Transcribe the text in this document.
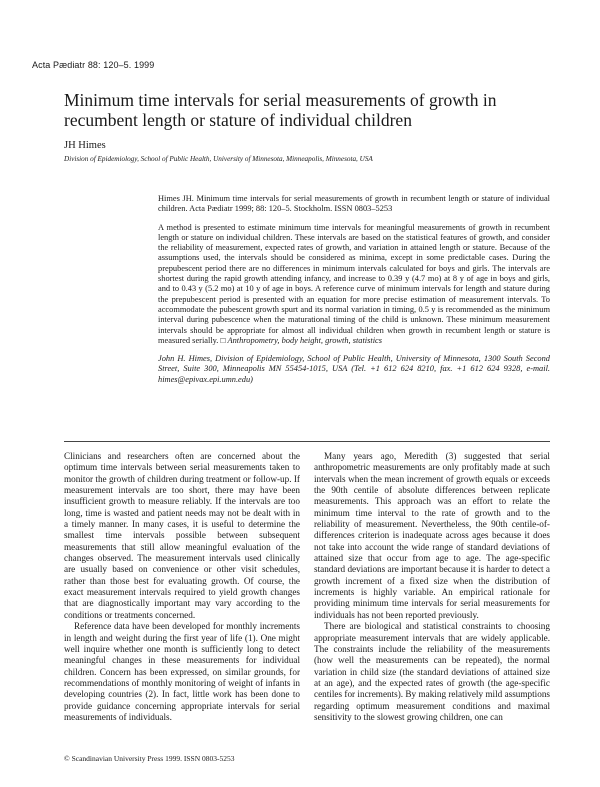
Acta Pædiatr 88: 120–5. 1999
Minimum time intervals for serial measurements of growth in recumbent length or stature of individual children
JH Himes
Division of Epidemiology, School of Public Health, University of Minnesota, Minneapolis, Minnesota, USA

Himes JH. Minimum time intervals for serial measurements of growth in recumbent length or stature of individual children. Acta Pædiatr 1999; 88: 120–5. Stockholm. ISSN 0803–5253

A method is presented to estimate minimum time intervals for meaningful measurements of growth in recumbent length or stature on individual children. These intervals are based on the statistical features of growth, and consider the reliability of measurement, expected rates of growth, and variation in attained length or stature. Because of the assumptions used, the intervals should be considered as minima, except in some predictable cases. During the prepubescent period there are no differences in minimum intervals calculated for boys and girls. The intervals are shortest during the rapid growth attending infancy, and increase to 0.39 y (4.7 mo) at 8 y of age in boys and girls, and to 0.43 y (5.2 mo) at 10 y of age in boys. A reference curve of minimum intervals for length and stature during the prepubescent period is presented with an equation for more precise estimation of measurement intervals. To accommodate the pubescent growth spurt and its normal variation in timing, 0.5 y is recommended as the minimum interval during pubescence when the maturational timing of the child is unknown. These minimum measurement intervals should be appropriate for almost all individual children when growth in recumbent length or stature is measured serially. □ Anthropometry, body height, growth, statistics

John H. Himes, Division of Epidemiology, School of Public Health, University of Minnesota, 1300 South Second Street, Suite 300, Minneapolis MN 55454-1015, USA (Tel. +1 612 624 8210, fax. +1 612 624 9328, e-mail. himes@epivax.epi.umn.edu)

Clinicians and researchers often are concerned about the optimum time intervals between serial measurements taken to monitor the growth of children during treatment or follow-up. If measurement intervals are too short, there may have been insufficient growth to measure reliably. If the intervals are too long, time is wasted and patient needs may not be dealt with in a timely manner. In many cases, it is useful to determine the smallest time intervals possible between subsequent measurements that still allow meaningful evaluation of the changes observed. The measurement intervals used clinically are usually based on convenience or other visit schedules, rather than those best for evaluating growth. Of course, the exact measurement intervals required to yield growth changes that are diagnostically important may vary according to the conditions or treatments concerned.

Reference data have been developed for monthly increments in length and weight during the first year of life (1). One might well inquire whether one month is sufficiently long to detect meaningful changes in these measurements for individual children. Concern has been expressed, on similar grounds, for recommendations of monthly monitoring of weight of infants in developing countries (2). In fact, little work has been done to provide guidance concerning appropriate intervals for serial measurements of individuals.

Many years ago, Meredith (3) suggested that serial anthropometric measurements are only profitably made at such intervals when the mean increment of growth equals or exceeds the 90th centile of absolute differences between replicate measurements. This approach was an effort to relate the minimum time interval to the rate of growth and to the reliability of measurement. Nevertheless, the 90th centile-of-differences criterion is inadequate across ages because it does not take into account the wide range of standard deviations of attained size that occur from age to age. The age-specific standard deviations are important because it is harder to detect a growth increment of a fixed size when the distribution of increments is highly variable. An empirical rationale for providing minimum time intervals for serial measurements for individuals has not been reported previously.

There are biological and statistical constraints to choosing appropriate measurement intervals that are widely applicable. The constraints include the reliability of the measurements (how well the measurements can be repeated), the normal variation in child size (the standard deviations of attained size at an age), and the expected rates of growth (the age-specific centiles for increments). By making relatively mild assumptions regarding optimum measurement conditions and maximal sensitivity to the slowest growing children, one can

© Scandinavian University Press 1999. ISSN 0803-5253
